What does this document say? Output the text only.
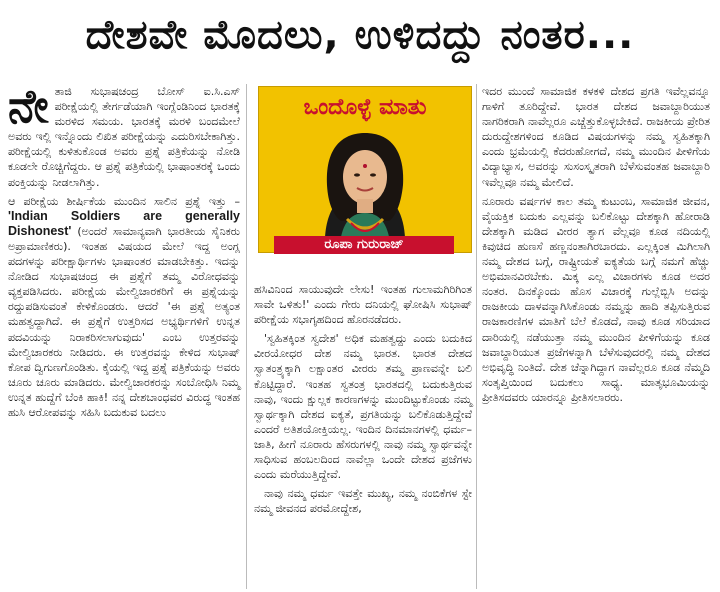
ದೇಶವೇ ಮೊದಲು, ಉಳಿದದ್ದು ನಂತರ...

ನೇ ತಾಜಿ ಸುಭಾಷಚಂದ್ರ ಬೋಸ್ ಐ.ಸಿ.ಎಸ್ ಪರೀಕ್ಷೆಯಲ್ಲಿ ತೇರ್ಗಡೆಯಾಗಿ ಇಂಗ್ಲೆಂಡಿನಿಂದ ಭಾರತಕ್ಕೆ ಮರಳಿದ ಸಮಯ. ಭಾರತಕ್ಕೆ ಮರಳಿ ಬಂದಮೇಲೆ ಅವರು ಇಲ್ಲಿ ಇನ್ನೊಂದು ಲಿಖಿತ ಪರೀಕ್ಷೆಯನ್ನು ಎದುರಿಸಬೇಕಾಗಿತ್ತು. ಪರೀಕ್ಷೆಯಲ್ಲಿ ಕುಳಿತುಕೊಂಡ ಅವರು ಪ್ರಶ್ನೆ ಪತ್ರಿಕೆಯನ್ನು ನೋಡಿ ಕೂಡಲೇ ರೊಚ್ಚಿಗೆದ್ದರು. ಆ ಪ್ರಶ್ನೆ ಪತ್ರಿಕೆಯಲ್ಲಿ ಭಾಷಾಂತರಕ್ಕೆ ಒಂದು ಪಂಕ್ತಿಯನ್ನು ನೀಡಲಾಗಿತ್ತು.

ಆ ಪರೀಕ್ಷೆಯ ಶೀರ್ಷಿಕೆಯ ಮುಂದಿನ ಸಾಲಿನ ಪ್ರಶ್ನೆ ಇತ್ತು – 'Indian Soldiers are generally Dishonest' (ಅಂದರೆ ಸಾಮಾನ್ಯವಾಗಿ ಭಾರತೀಯ ಸೈನಿಕರು ಅಪ್ರಾಮಾಣಿಕರು). ಇಂತಹ ವಿಷಯದ ಮೇಲೆ ಇದ್ದ ಅಂಗ್ಲ ಪದಗಳನ್ನು ಪರೀಕ್ಷಾರ್ಥಿಗಳು ಭಾಷಾಂತರ ಮಾಡಬೇಕಿತ್ತು. ಇದನ್ನು ನೋಡಿದ ಸುಭಾಷಚಂದ್ರ ಈ ಪ್ರಶ್ನೆಗೆ ತಮ್ಮ ವಿರೋಧವನ್ನು ವ್ಯಕ್ತಪಡಿಸಿದರು. ಪರೀಕ್ಷೆಯ ಮೇಲ್ವಿಚಾರಕರಿಗೆ ಈ ಪ್ರಶ್ನೆಯನ್ನು ರದ್ದುಪಡಿಸುವಂತೆ ಕೇಳಿಕೊಂಡರು. ಆದರೆ 'ಈ ಪ್ರಶ್ನೆ ಅತ್ಯಂತ ಮಹತ್ವದ್ದಾಗಿದೆ. ಈ ಪ್ರಶ್ನೆಗೆ ಉತ್ತರಿಸದ ಅಭ್ಯರ್ಥಿಗಳಿಗೆ ಉನ್ನತ ಪದವಿಯನ್ನು ನಿರಾಕರಿಸಲಾಗುವುದು' ಎಂಬ ಉತ್ತರವನ್ನು ಮೇಲ್ವಿಚಾರಕರು ನೀಡಿದರು. ಈ ಉತ್ತರವನ್ನು ಕೇಳಿದ ಸುಭಾಷ್ ಕೋಪ ದ್ವಿಗುಣಗೊಂಡಿತು. ಕೈಯಲ್ಲಿ ಇದ್ದ ಪ್ರಶ್ನೆ ಪತ್ರಿಕೆಯನ್ನು ಅವರು ಚೂರು ಚೂರು ಮಾಡಿದರು. ಮೇಲ್ವಿಚಾರಕರನ್ನು ಸಂಬೋಧಿಸಿ ನಿಮ್ಮ ಉನ್ನತ ಹುದ್ದೆಗೆ ಬೆಂಕಿ ಹಾಕಿ! ನನ್ನ ದೇಶಬಾಂಧವರ ವಿರುದ್ಧ ಇಂತಹ ಹುಸಿ ಆರೋಪವನ್ನು ಸಹಿಸಿ ಬದುಕುವ ಬದಲು

ಒಂದೊಳ್ಳೆ ಮಾತು
ರೂಪಾ ಗುರುರಾಜ್

ಹಸಿವಿನಿಂದ ಸಾಯುವುದೇ ಲೇಸು! ಇಂತಹ ಗುಲಾಮಗಿರಿಗಿಂತ ಸಾವೇ ಒಳಿತು!' ಎಂದು ಗೇರು ದನಿಯಲ್ಲಿ ಘೋಷಿಸಿ ಸುಭಾಷ್ ಪರೀಕ್ಷೆಯ ಸಭಾಗೃಹದಿಂದ ಹೊರನಡೆದರು.

'ಸ್ವಹಿತಕ್ಕಿಂತ ಸ್ವದೇಶ' ಅಧಿಕ ಮಹತ್ವದ್ದು ಎಂದು ಬದುಕಿದ ವೀರಯೋಧರ ದೇಶ ನಮ್ಮ ಭಾರತ. ಭಾರತ ದೇಶದ ಸ್ವಾತಂತ್ರ್ಯಕ್ಕಾಗಿ ಲಕ್ಷಾಂತರ ವೀರರು ತಮ್ಮ ಪ್ರಾಣವನ್ನೇ ಬಲಿ ಕೊಟ್ಟಿದ್ದಾರೆ. ಇಂತಹ ಸ್ವತಂತ್ರ ಭಾರತದಲ್ಲಿ ಬದುಕುತ್ತಿರುವ ನಾವು, ಇಂದು ಕ್ಷುಲ್ಲಕ ಕಾರಣಗಳನ್ನು ಮುಂದಿಟ್ಟುಕೊಂಡು ನಮ್ಮ ಸ್ವಾರ್ಥಕ್ಕಾಗಿ ದೇಶದ ಐಕ್ಯತೆ, ಪ್ರಗತಿಯನ್ನು ಬಲಿಕೊಡುತ್ತಿದ್ದೇವೆ ಎಂದರೆ ಅತಿಶಯೋಕ್ತಿಯಲ್ಲ. ಇಂದಿನ ದಿನಮಾನಗಳಲ್ಲಿ ಧರ್ಮ–ಜಾತಿ, ಹೀಗೆ ನೂರಾರು ಹೆಸರುಗಳಲ್ಲಿ ನಾವು ನಮ್ಮ ಸ್ವಾರ್ಥವನ್ನೇ ಸಾಧಿಸುವ ಹಂಬಲದಿಂದ ನಾವೆಲ್ಲಾ ಒಂದೇ ದೇಶದ ಪ್ರಜೆಗಳು ಎಂದು ಮರೆಯುತ್ತಿದ್ದೇವೆ.

ನಾವು ನಮ್ಮ ಧರ್ಮ ಇವತ್ತೇ ಮುಖ್ಯ, ನಮ್ಮ ನಂಬಿಕೆಗಳ ಸ್ಟೇ ನಮ್ಮ ಜೀವನದ ಪರಮೋದ್ದೇಶ,

ಇದರ ಮುಂದೆ ಸಾಮಾಜಿಕ ಕಳಕಳಿ ದೇಶದ ಪ್ರಗತಿ ಇವೆಲ್ಲವನ್ನೂ ಗಾಳಿಗೆ ತೂರಿದ್ದೇವೆ. ಭಾರತ ದೇಶದ ಜವಾಬ್ದಾರಿಯುತ ನಾಗರಿಕರಾಗಿ ನಾವೆಲ್ಲರೂ ಎಚ್ಚೆತ್ತುಕೊಳ್ಳಬೇಕಿದೆ. ರಾಜಕೀಯ ಪ್ರೇರಿತ ದುರುದ್ದೇಶಗಳಿಂದ ಕೂಡಿದ ವಿಷಯಗಳನ್ನು ನಮ್ಮ ಸ್ವಹಿತಕ್ಕಾಗಿ ಎಂದು ಭ್ರಮೆಯಲ್ಲಿ ಕೆದರುಹೋಗದೆ, ನಮ್ಮ ಮುಂದಿನ ಪೀಳಿಗೆಯ ವಿದ್ಯಾಭ್ಯಾಸ, ಅವರನ್ನು ಸುಸಂಸ್ಕೃತರಾಗಿ ಬೆಳೆಸುವಂತಹ ಜವಾಬ್ದಾರಿ ಇವೆಲ್ಲವೂ ನಮ್ಮ ಮೇಲಿದೆ.

ನೂರಾರು ವರ್ಷಗಳ ಕಾಲ ತಮ್ಮ ಕುಟುಂಬ, ಸಾಮಾಜಿಕ ಜೀವನ, ವೈಯಕ್ತಿಕ ಬದುಕು ಎಲ್ಲವನ್ನು ಬಲಿಕೊಟ್ಟು ದೇಶಕ್ಕಾಗಿ ಹೋರಾಡಿ ದೇಶಕ್ಕಾಗಿ ಮಡಿದ ವೀರರ ತ್ಯಾಗ ವೆಲ್ಲವೂ ಕೂಡ ನದಿಯಲ್ಲಿ ಕಿವುಚಿದ ಹುಣಸೆ ಹಣ್ಣನಂತಾಗಿರಬಾರದು. ಎಲ್ಲಕ್ಕಿಂತ ಮಿಗಿಲಾಗಿ ನಮ್ಮ ದೇಶದ ಬಗ್ಗೆ, ರಾಷ್ಟ್ರೀಯತೆ ಐಕ್ಯತೆಯ ಬಗ್ಗೆ ನಮಗೆ ಹೆಚ್ಚು ಅಭಿಮಾನವಿರಬೇಕು. ಮಿಕ್ಕ ಎಲ್ಲ ವಿಚಾರಗಳು ಕೂಡ ಅದರ ನಂತರ. ದಿನಕ್ಕೊಂದು ಹೊಸ ವಿಚಾರಕ್ಕೆ ಗುಲ್ಲೆಬ್ಬಿಸಿ ಅದನ್ನು ರಾಜಕೀಯ ದಾಳವನ್ನಾಗಿಸಿಕೊಂಡು ನಮ್ಮನ್ನು ಹಾದಿ ತಪ್ಪಿಸುತ್ತಿರುವ ರಾಜಕಾರಣಿಗಳ ಮಾತಿಗೆ ಬೆಲೆ ಕೊಡದೆ, ನಾವು ಕೂಡ ಸರಿಯಾದ ದಾರಿಯಲ್ಲಿ ನಡೆಯುತ್ತಾ ನಮ್ಮ ಮುಂದಿನ ಪೀಳಿಗೆಯನ್ನು ಕೂಡ ಜವಾಬ್ದಾರಿಯುತ ಪ್ರಜೆಗಳನ್ನಾಗಿ ಬೆಳೆಸುವುದರಲ್ಲಿ ನಮ್ಮ ದೇಶದ ಅಭಿವೃದ್ಧಿ ನಿಂತಿದೆ. ದೇಶ ಚೆನ್ನಾಗಿದ್ದಾಗ ನಾವೆಲ್ಲರೂ ಕೂಡ ನೆಮ್ಮದಿ ಸಂತೃಪ್ತಿಯಿಂದ ಬದುಕಲು ಸಾಧ್ಯ. ಮಾತೃಭೂಮಿಯನ್ನು ಪ್ರೀತಿಸದವರು ಯಾರನ್ನೂ ಪ್ರೀತಿಸಲಾರರು.
